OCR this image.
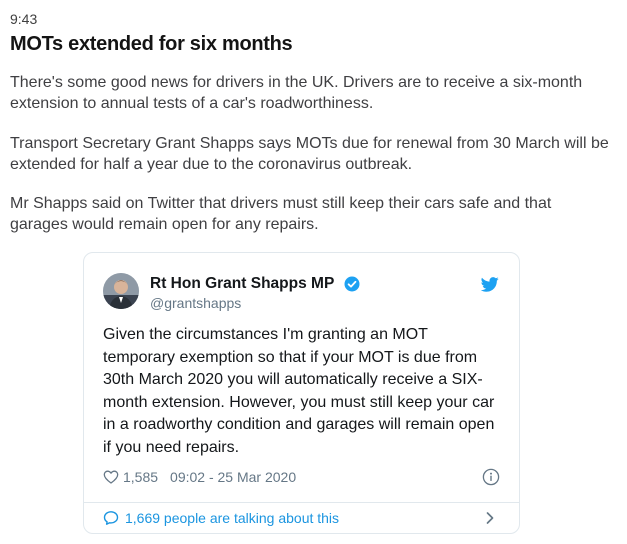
9:43
MOTs extended for six months

There's some good news for drivers in the UK. Drivers are to receive a six-month extension to annual tests of a car's roadworthiness.

Transport Secretary Grant Shapps says MOTs due for renewal from 30 March will be extended for half a year due to the coronavirus outbreak.

Mr Shapps said on Twitter that drivers must still keep their cars safe and that garages would remain open for any repairs.

Rt Hon Grant Shapps MP
@grantshapps

Given the circumstances I'm granting an MOT temporary exemption so that if your MOT is due from 30th March 2020 you will automatically receive a SIX-month extension. However, you must still keep your car in a roadworthy condition and garages will remain open if you need repairs.

1,585 09:02 - 25 Mar 2020
1,669 people are talking about this
